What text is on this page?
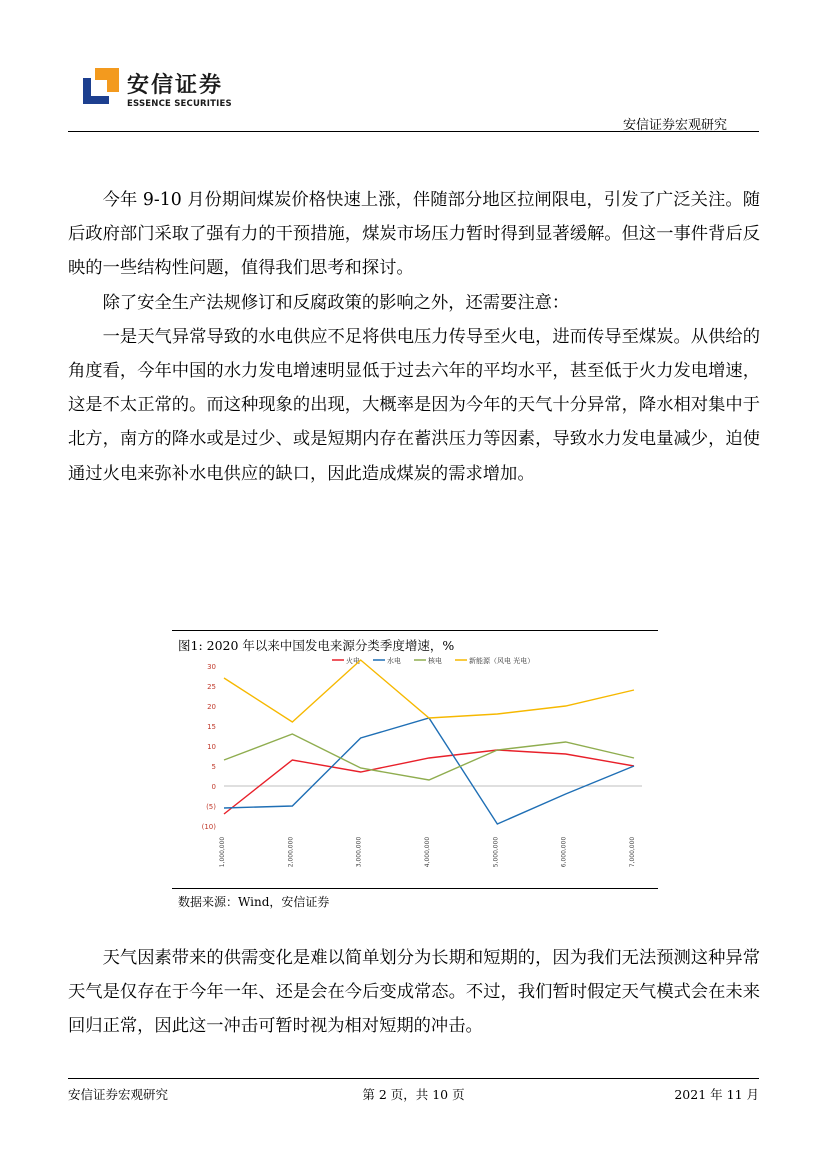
安信证券
ESSENCE SECURITIES
安信证券宏观研究

今年 9-10 月份期间煤炭价格快速上涨，伴随部分地区拉闸限电，引发了广泛关注。随后政府部门采取了强有力的干预措施，煤炭市场压力暂时得到显著缓解。但这一事件背后反映的一些结构性问题，值得我们思考和探讨。

除了安全生产法规修订和反腐政策的影响之外，还需要注意：

一是天气异常导致的水电供应不足将供电压力传导至火电，进而传导至煤炭。从供给的角度看，今年中国的水力发电增速明显低于过去六年的平均水平，甚至低于火力发电增速，这是不太正常的。而这种现象的出现，大概率是因为今年的天气十分异常，降水相对集中于北方，南方的降水或是过少、或是短期内存在蓄洪压力等因素，导致水力发电量减少，迫使通过火电来弥补水电供应的缺口，因此造成煤炭的需求增加。

图1: 2020 年以来中国发电来源分类季度增速，%
30
25
20
15
10
5
0
(5)
(10)
1,000,000	2,000,000	3,000,000	4,000,000	5,000,000	6,000,000	7,000,000
火电	水电	核电	新能源（风电 光电）
数据来源：Wind，安信证券

天气因素带来的供需变化是难以简单划分为长期和短期的，因为我们无法预测这种异常天气是仅存在于今年一年、还是会在今后变成常态。不过，我们暂时假定天气模式会在未来回归正常，因此这一冲击可暂时视为相对短期的冲击。

安信证券宏观研究	第 2 页，共 10 页	2021 年 11 月
